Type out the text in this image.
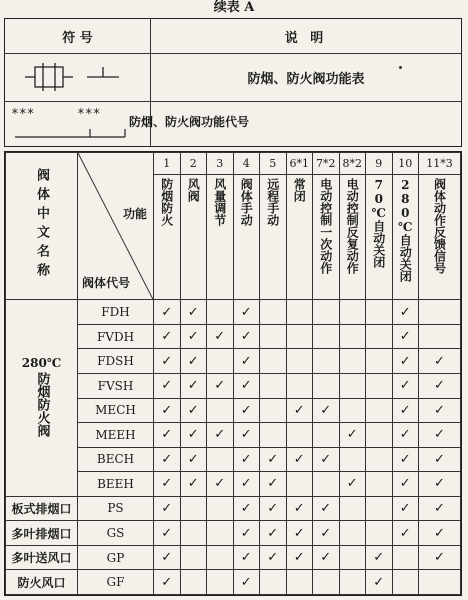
续表 A
符 号	说 明
防烟、防火阀功能表
***	*** 防烟、防火阀功能代号
阀体中文名称	功能
阀体代号	1	2	3	4	5	6*1	7*2	8*2	9	10	11*3

		防烟防火	风阀	风量调节	阀体手动	远程手动	常闭	电动控制一次动作	电动控制反复动作	70℃自动关闭	280℃自动关闭	阀体动作反馈信号

280℃
防烟防火阀	FDH	✓	✓		✓						✓	
	FVDH	✓	✓	✓	✓						✓	
	FDSH	✓	✓		✓						✓	✓
	FVSH	✓	✓	✓	✓						✓	✓
	MECH	✓	✓		✓		✓	✓			✓	✓
	MEEH	✓	✓	✓	✓				✓		✓	✓
	BECH	✓	✓		✓	✓	✓	✓			✓	✓
	BEEH	✓	✓	✓	✓	✓			✓		✓	✓
板式排烟口	PS	✓			✓	✓	✓	✓			✓	✓
多叶排烟口	GS	✓			✓	✓	✓	✓			✓	✓
多叶送风口	GP	✓			✓	✓	✓	✓		✓		✓
防火风口	GF	✓			✓					✓		
